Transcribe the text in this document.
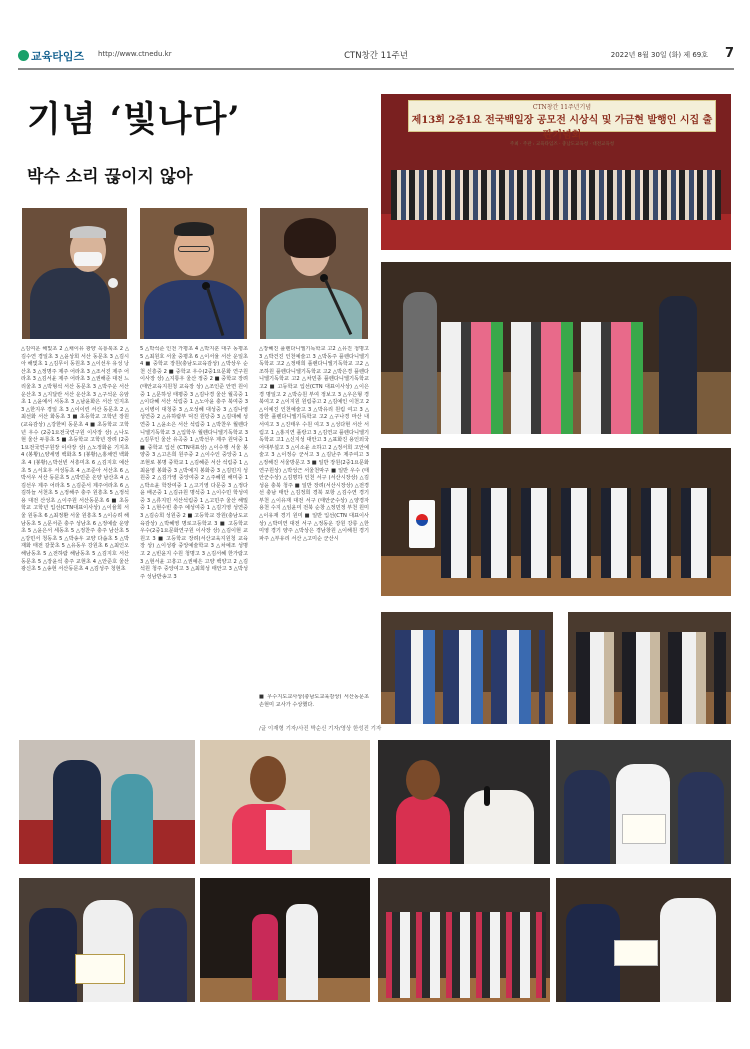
교육타임즈 http://www.ctnedu.kr	CTN창간 11주년	2022년 8월 30일 (화) 제 69호 7
기념 ‘빛나다’
박수 소리 끊이지 않아
△김여운 해빛초 2 △채이유 광양 옥룡북초 2 △김수연 경일초 3 △윤상희 서산 동문초 3 △김시아 해빛초 1 △김무이 동원초 3 △이선우 유성 낭산초 3 △정명주 제주 어라초 3 △조서진 제주 어라초 3 △김서윤 제주 어라초 3 △권해준 대전 느리울초 3 △박형석 서산 동문초 3 △박주운 서산 운산초 3 △지달란 서산 운산초 3 △구석운 응암초 1 △윤예서 서동초 3 △남윤화은 서산 인지초 3 △한지우 경일 초 3 △이이린 서산 동문초 2 △최선화 서산 화동초 3 ■ 초등학교 고학년 장원(교육감상) △강한비 동문초 4 ■ 초등학교 고학년 우수 (2중1요전국연구원 이사장 상) △나도현 울산 두룡초 5 ■ 초등학교 고학년 장려 (2중1요전국연구원장 이사장 상) △노정화윤 기지초 4 (봉황)△양세영 백화초 5 (봉황)△홍채연 백화초 4 (봉황)△박선빈 서흥미초 6 △김지호 예산초 5 △서효우 서성동초 4 △조준아 서산초 6 △박서우 서산 동문초 5 △박민준 온양 남산초 4 △김선우 제주 어라초 5 △김준서 제주어라초 6 △김하늘 서천초 5 △정해주 충주 원흥초 5 △정석용 대전 산성초 △이주원 서산동문초 6 ■ 초등학교 고학년 입선(CTN대표이사상) △이율희 서울 원동초 6 △최정환 서울 원흥초 5 △이승려 해남동초 5 △문서준 충주 성남초 6 △정예슬 운양초 5 △윤은서 세동초 5 △정찬주 충주 남산초 5 △강민서 청동초 5 △박송우 교양 다솜초 5 △박재화 태전 갈꽃초 5 △유동우 강원초 6 △최인오 해남동초 5 △전하람 해남동초 5 △김지호 서산 동문초 5 △장윤석 충주 교현초 4 △안준호 울산 광신초 5 △송현 서산동문초 4 △김성주 청현초
5 △박석준 인천 가평초 4 △박지훈 대구 동평초 5 △최원호 서울 중평초 6 △이서율 서산 운일초 4 ■ 중학교 장원(충남도교육감상) △박상우 순천 신흥중 2 ■ 중학교 우수(2중1요문화 연구원 이사장 상) △지통우 울산 정중 2 ■ 중학교 장려(태안교육지원청 교육장 상) △조인준 안면 원이중 1 △문하성 태평중 3 △김나경 울산 월곡중 1 △이다혜 서산 석림중 1 △노아윤 충주 북여중 3 △이병이 대청중 3 △오성혜 대성중 3 △김나영 성연중 2 △유하람부 덕진 원당중 3 △김대혜 성연중 1 △윤소은 서산 석림중 1 △박찬우 월렌다니엘기독학교 3 △입학우 월렌다니엘기독학교 3 △김무인 울산 유곡중 1 △박선우 제주 원덕중 1 ■ 중학교 입선 (CTN대표상) △이수행 서울 봉양중 3 △고은희 원주중 2 △이수인 중앙중 1 △조현로 봉명 중학교 1 △김혜준 서산 석림중 1 △최윤영 봉화중 3 △박예지 봉화중 3 △김민지 성원중 2 △김가영 중앙여중 2 △주혜원 해미중 1 △박소윤 학장여중 1 △고기영 다문중 3 △정다윤 배곤중 1 △김규원 명석중 1 △이수민 학성여중 3 △류지민 서산석림중 1 △고민주 울산 해밀중 1 △현수빈 충주 예성여중 1 △김기영 성연중 3 △김승희 성원중 2 ■ 고등학교 장원(충남도교육감상) △박혜영 명로고등학교 3 ■ 고등학교 우수(2중1요문화연구원 이사장 상) △김이현 교원고 3 ■ 고등학교 장려(서산교육지원청 교육장 상) △이성광 중앙예술학교 3 △차예조 성명고 2 △빈윤지 수원 청명고 3 △김서혜 한가람고 3 △현서윤 고흥고 △권예은 고양 백양고 2 △김석원 청주 중앙여고 3 △최희성 태안고 3 △박성주 성남반송고 3
△장혜진 플렌다니엘기독학교 고2 △유진 청명고 3 △박건진 인천예술고 3 △박동주 플렌다니엘기독학교 고2 △정태희 플렌다니엘기독학교 고2 △조하원 플렌다니엘기독학교 고2 △박은경 플렌다니엘기독학교 고2 △차민종 플렌다니엘기독학교 고2 ■ 고등학교 입선(CTN 대표이사상) △이은경 명일고 2 △박승원 부여 정보고 3 △우은형 경북여고 2 △이지원 원림중고 2 △김예인 이천고 2 △이예진 인천예술고 3 △박유리 원림 여고 3 △장한 플렌다니엘기독학교 고2 △구나경 마산 내서여고 3 △진태우 수원 여고 3 △성다현 서산 서림고 1 △홍지연 플랑고 3 △김연교 플렌다니엘기독학교 고1 △신지성 대안고 3 △표화진 용인외국어대부설고 3 △이소윤 소하고 2 △정서희 고안예술고 3 △이정승 군서고 3 △김난주 제주여고 3 △정해진 서울방문고 3 ■ 일반 장원(2중1요문화연구원상) △박성근 서울천막구 ■ 일반 우수 (태안군수상) △김명하 인천 서구 (서산시장상) △김성윤 충북 청주 ■ 일반 장려(서산시장상) △전경선 충남 태안 △김정희 경북 포항 △김수연 경기 부천 △이유재 대전 서구 (태안군수상) △양경자 용천 수지 △임윤미 전북 순창 △정민정 부천 원미 △이유재 경기 원미 ■ 일반 입선(CTN 대표이사상) △박미연 대전 서구 △정동운 강원 강릉 △한미영 경기 양주 △박상은 경남창원 △이해원 경기 파주 △부유리 서산 △고미순 군산시
■ 우수지도교사상(충남도교육감상) 서산동문초 손현미 교사가 수상했다.
/글 이재형 기자/사진 박순신 기자/영상 한성진 기자
CTN창간 11주년기념
제13회 2중1요 전국백일장 공모전 시상식 및 가금현 발행인 시집 출판기념회
주최 · 주관 : 교육타임즈 · 충남도교육청 · 대전교육청
